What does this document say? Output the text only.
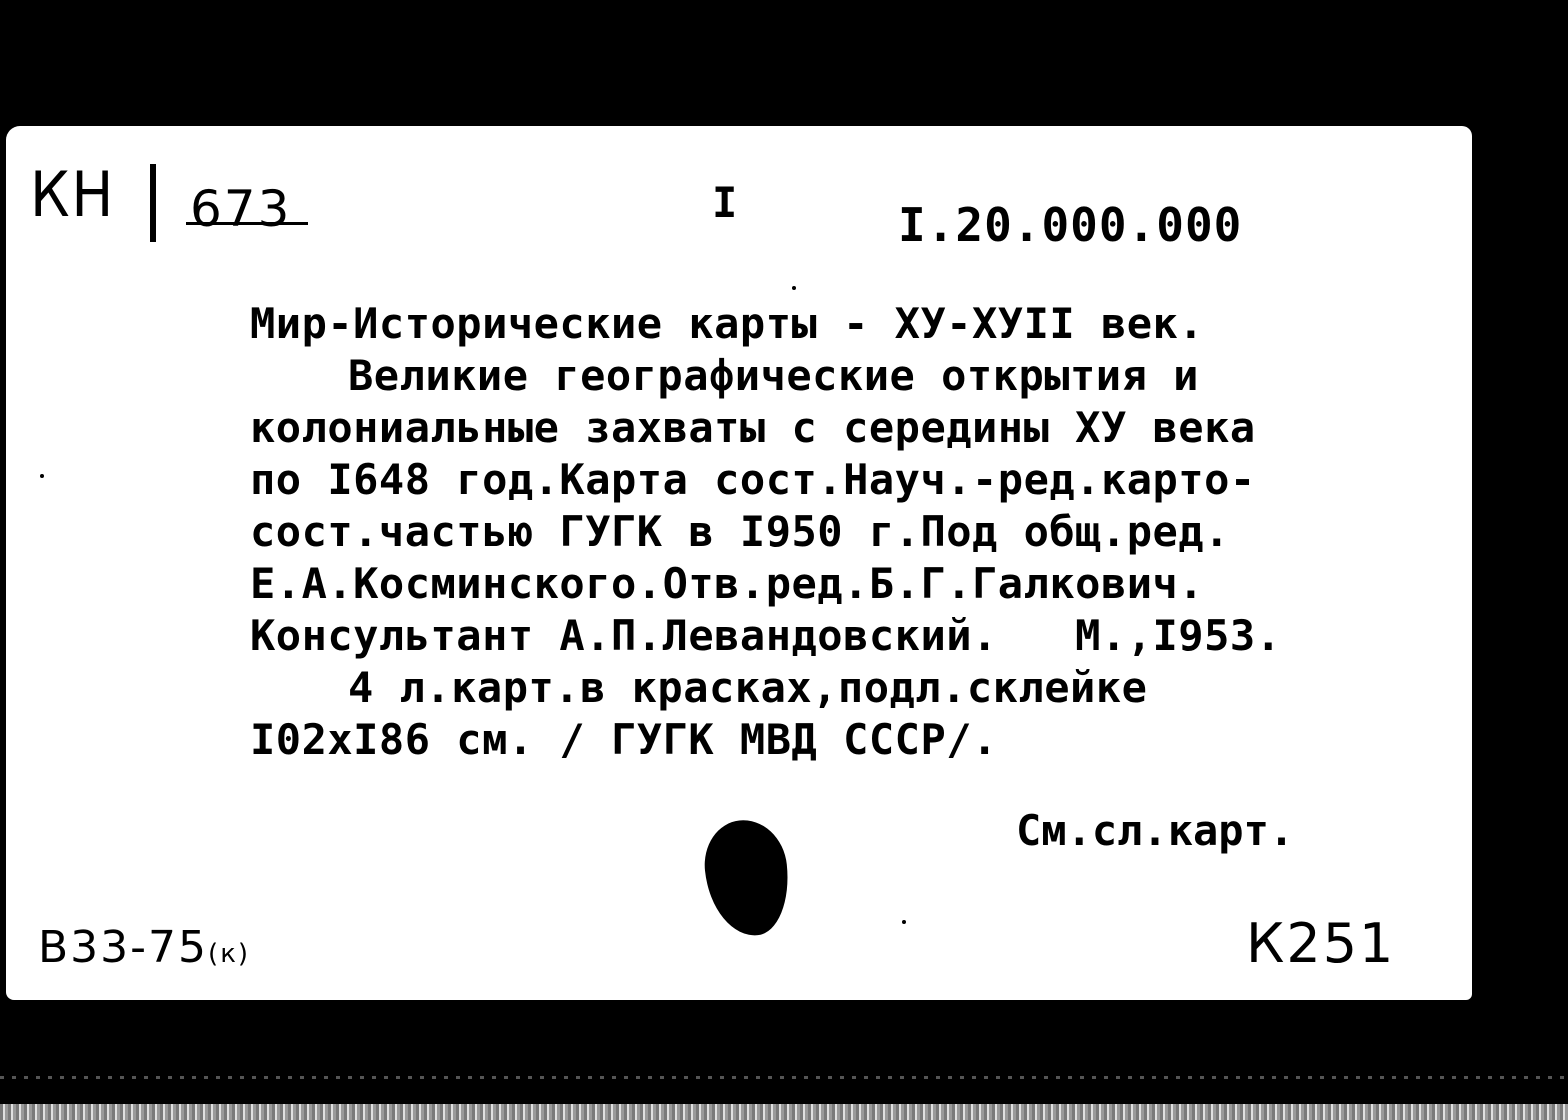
КН 673	I	I.20.000.000
Мир-Исторические карты - ХУ-ХУII век.
Великие географические открытия и
колониальные захваты с середины ХУ века
по I648 год.Карта сост.Науч.-ред.карто-
сост.частью ГУГК в I950 г.Под общ.ред.
Е.А.Косминского.Отв.ред.Б.Г.Галкович.
Консультант А.П.Левандовский.   М.,I953.
4 л.карт.в красках,подл.склейке
I02хI86 см. / ГУГК МВД СССР/.
См.сл.карт.
В33-75(к)	К251
